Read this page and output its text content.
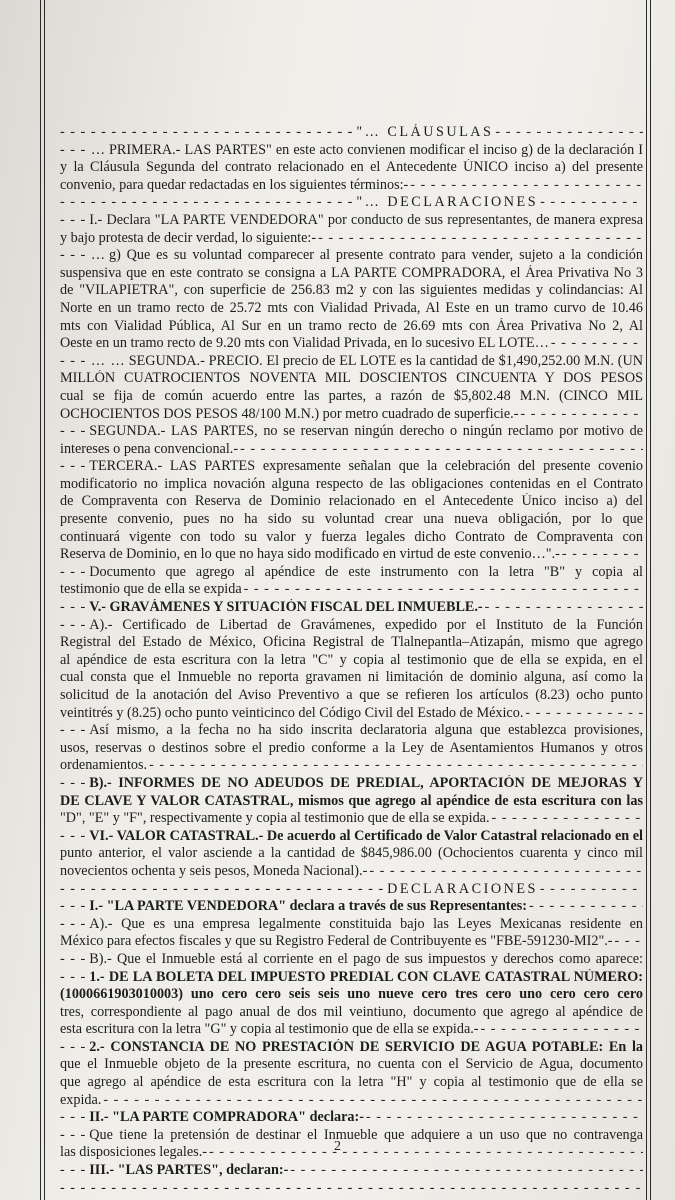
- - - - - - - - - - - - - - - - - - - - - - - - - - - - - "… CLÁUSULAS
- - -
- - - … PRIMERA.- LAS PARTES" en este acto convienen modificar el inciso g) de la declaración I
y la Cláusula Segunda del contrato relacionado en el Antecedente ÚNICO inciso a) del presente
convenio, para quedar redactadas en los siguientes términos:-
- - -
- - - - - - - - - - - - - - - - - - - - - - - - - - - - - "… DECLARACIONES
- - -
- - - I.- Declara "LA PARTE VENDEDORA" por conducto de sus representantes, de manera expresa
y bajo protesta de decir verdad, lo siguiente:-
- - -
- - - … g) Que es su voluntad comparecer al presente contrato para vender, sujeto a la condición
suspensiva que en este contrato se consigna a LA PARTE COMPRADORA, el Área Privativa No 3
de "VILAPIETRA", con superficie de 256.83 m2 y con las siguientes medidas y colindancias: Al
Norte en un tramo recto de 25.72 mts con Vialidad Privada, Al Este en un tramo curvo de 10.46
mts con Vialidad Pública, Al Sur en un tramo recto de 26.69 mts con Área Privativa No 2, Al
Oeste en un tramo recto de 9.20 mts con Vialidad Privada, en lo sucesivo EL LOTE…
- - -
- - - … … SEGUNDA.- PRECIO. El precio de EL LOTE es la cantidad de $1,490,252.00 M.N. (UN
MILLÓN CUATROCIENTOS NOVENTA MIL DOSCIENTOS CINCUENTA Y DOS PESOS
cual se fija de común acuerdo entre las partes, a razón de $5,802.48 M.N. (CINCO MIL
OCHOCIENTOS DOS PESOS 48/100 M.N.) por metro cuadrado de superficie.-
- - -
- - - SEGUNDA.- LAS PARTES, no se reservan ningún derecho o ningún reclamo por motivo de
intereses o pena convencional.-
- - -
- - - TERCERA.- LAS PARTES expresamente señalan que la celebración del presente covenio
modificatorio no implica novación alguna respecto de las obligaciones contenidas en el Contrato
de Compraventa con Reserva de Dominio relacionado en el Antecedente Único inciso a) del
presente convenio, pues no ha sido su voluntad crear una nueva obligación, por lo que
continuará vigente con todo su valor y fuerza legales dicho Contrato de Compraventa con
Reserva de Dominio, en lo que no haya sido modificado en virtud de este convenio…".-
- - -
- - - Documento que agrego al apéndice de este instrumento con la letra "B" y copia al
testimonio que de ella se expida
- - -
- - - V.- GRAVÁMENES Y SITUACIÓN FISCAL DEL INMUEBLE.-
- - -
- - - A).- Certificado de Libertad de Gravámenes, expedido por el Instituto de la Función
Registral del Estado de México, Oficina Registral de Tlalnepantla–Atizapán, mismo que agrego
al apéndice de esta escritura con la letra "C" y copia al testimonio que de ella se expida, en el
cual consta que el Inmueble no reporta gravamen ni limitación de dominio alguna, así como la
solicitud de la anotación del Aviso Preventivo a que se refieren los artículos (8.23) ocho punto
veintitrés y (8.25) ocho punto veinticinco del Código Civil del Estado de México.
- - -
- - - Así mismo, a la fecha no ha sido inscrita declaratoria alguna que establezca provisiones,
usos, reservas o destinos sobre el predio conforme a la Ley de Asentamientos Humanos y otros
ordenamientos.
- - -
- - - B).- INFORMES DE NO ADEUDOS DE PREDIAL, APORTACIÓN DE MEJORAS Y
DE CLAVE Y VALOR CATASTRAL, mismos que agrego al apéndice de esta escritura con las
"D", "E" y "F", respectivamente y copia al testimonio que de ella se expida.
- - -
- - - VI.- VALOR CATASTRAL.- De acuerdo al Certificado de Valor Catastral relacionado en el
punto anterior, el valor asciende a la cantidad de $845,986.00 (Ochocientos cuarenta y cinco mil
novecientos ochenta y seis pesos, Moneda Nacional).-
- - -
- - - - - - - - - - - - - - - - - - - - - - - - - - - - - - - - DECLARACIONES
- - -
- - - I.- "LA PARTE VENDEDORA" declara a través de sus Representantes:
- - -
- - - A).- Que es una empresa legalmente constituida bajo las Leyes Mexicanas residente en
México para efectos fiscales y que su Registro Federal de Contribuyente es "FBE-591230-MI2".-
- - -
- - - B).- Que el Inmueble está al corriente en el pago de sus impuestos y derechos como aparece:
- - - 1.- DE LA BOLETA DEL IMPUESTO PREDIAL CON CLAVE CATASTRAL NÚMERO:
(1000661903010003) uno cero cero seis seis uno nueve cero tres cero uno cero cero cero
tres, correspondiente al pago anual de dos mil veintiuno, documento que agrego al apéndice de
esta escritura con la letra "G" y copia al testimonio que de ella se expida.-
- - -
- - - 2.- CONSTANCIA DE NO PRESTACIÓN DE SERVICIO DE AGUA POTABLE: En la
que el Inmueble objeto de la presente escritura, no cuenta con el Servicio de Agua, documento
que agrego al apéndice de esta escritura con la letra "H" y copia al testimonio que de ella se
expida.
- - -
- - - II.- "LA PARTE COMPRADORA" declara:-
- - -
- - - Que tiene la pretensión de destinar el Inmueble que adquiere a un uso que no contravenga
las disposiciones legales.-
- - -
- - - III.- "LAS PARTES", declaran:-
- - -
- - - - - - - - - - - - - - - - - - - - - - - - - - - - - - - - - - - - - - - - - - - - - - - - - - - - - - - -
- - -
2
